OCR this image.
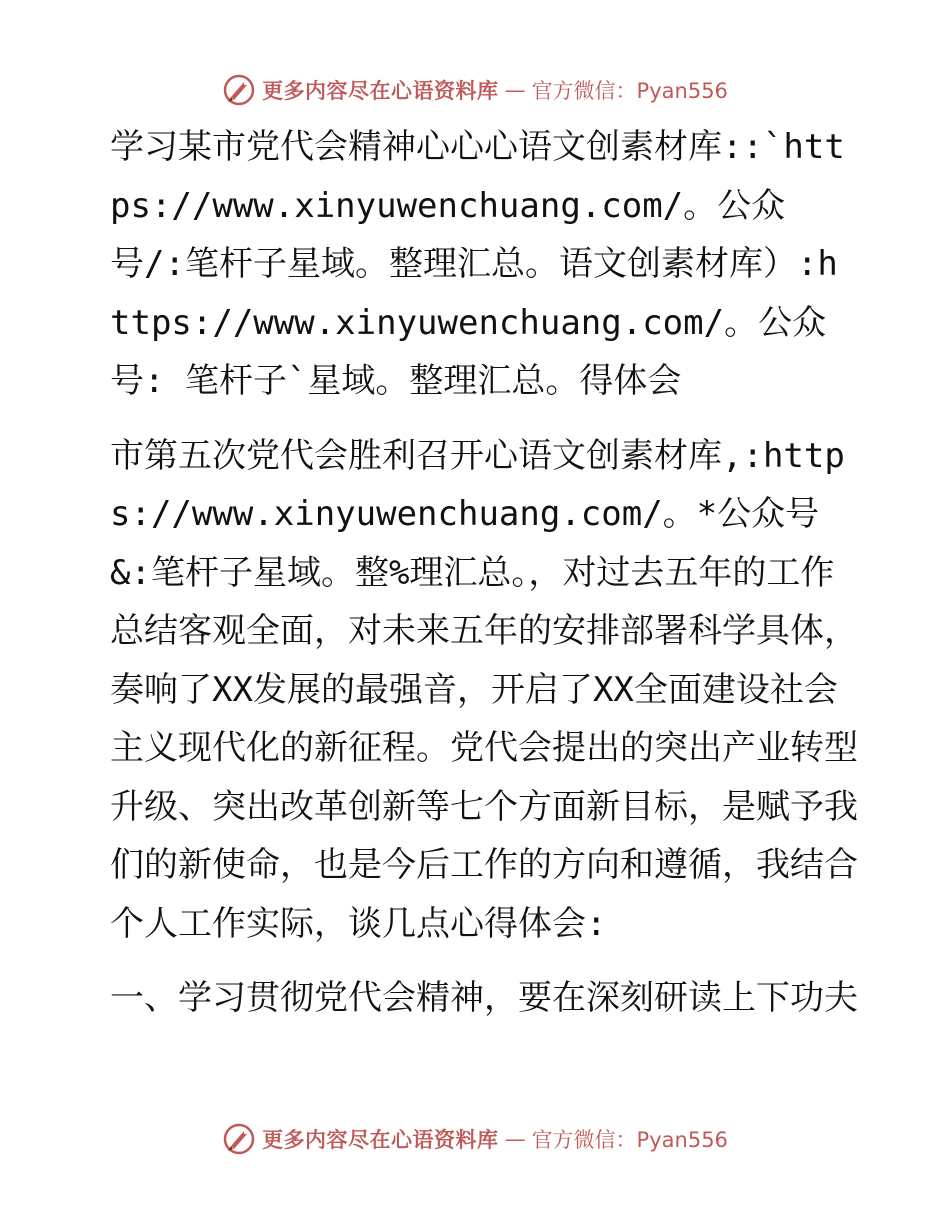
更多内容尽在心语资料库 — 官方微信：Pyan556

学习某市党代会精神心心心语文创素材库::`https://www.xinyuwenchuang.com/。公众号/:笔杆子星域。整理汇总。语文创素材库）:https://www.xinyuwenchuang.com/。公众号: 笔杆子`星域。整理汇总。得体会

市第五次党代会胜利召开心语文创素材库,:https://www.xinyuwenchuang.com/。*公众号&:笔杆子星域。整%理汇总。，对过去五年的工作总结客观全面，对未来五年的安排部署科学具体，奏响了XX发展的最强音，开启了XX全面建设社会主义现代化的新征程。党代会提出的突出产业转型升级、突出改革创新等七个方面新目标，是赋予我们的新使命，也是今后工作的方向和遵循，我结合个人工作实际，谈几点心得体会:

一、学习贯彻党代会精神，要在深刻研读上下功夫

更多内容尽在心语资料库 — 官方微信：Pyan556
